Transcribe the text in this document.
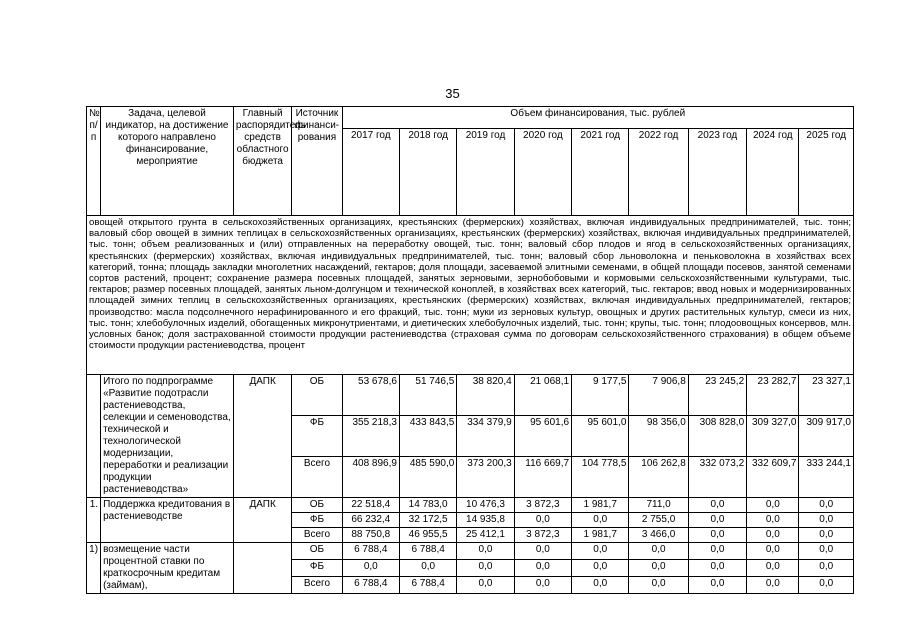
35
№ п/п	Задача, целевой индикатор, на достижение которого направлено финансирование, мероприятие	Главный распорядитель средств областного бюджета	Источник финанси-рования	Объем финансирования, тыс. рублей								
				2017 год	2018 год	2019 год	2020 год	2021 год	2022 год	2023 год	2024 год	2025 год
овощей открытого грунта в сельскохозяйственных организациях, крестьянских (фермерских) хозяйствах, включая индивидуальных предпринимателей, тыс. тонн; валовый сбор овощей в зимних теплицах в сельскохозяйственных организациях, крестьянских (фермерских) хозяйствах, включая индивидуальных предпринимателей, тыс. тонн; объем реализованных и (или) отправленных на переработку овощей, тыс. тонн; валовый сбор плодов и ягод в сельскохозяйственных организациях, крестьянских (фермерских) хозяйствах, включая индивидуальных предпринимателей, тыс. тонн; валовый сбор льноволокна и пеньковолокна в хозяйствах всех категорий, тонна; площадь закладки многолетних насаждений, гектаров; доля площади, засеваемой элитными семенами, в общей площади посевов, занятой семенами сортов растений, процент; сохранение размера посевных площадей, занятых зерновыми, зернобобовыми и кормовыми сельскохозяйственными культурами, тыс. гектаров; размер посевных площадей, занятых льном-долгунцом и технической коноплей, в хозяйствах всех категорий, тыс. гектаров; ввод новых и модернизированных площадей зимних теплиц в сельскохозяйственных организациях, крестьянских (фермерских) хозяйствах, включая индивидуальных предпринимателей, гектаров; производство: масла подсолнечного нерафинированного и его фракций, тыс. тонн; муки из зерновых культур, овощных и других растительных культур, смеси из них, тыс. тонн; хлебобулочных изделий, обогащенных микронутриентами, и диетических хлебобулочных изделий, тыс. тонн; крупы, тыс. тонн; плодоовощных консервов, млн. условных банок; доля застрахованной стоимости продукции растениеводства (страховая сумма по договорам сельскохозяйственного страхования) в общем объеме стоимости продукции растениеводства, процент												
	Итого по подпрограмме «Развитие подотрасли растениеводства, селекции и семеноводства, технической и технологической модернизации, переработки и реализации продукции растениеводства»	ДАПК	ОБ	53 678,6	51 746,5	38 820,4	21 068,1	9 177,5	7 906,8	23 245,2	23 282,7	23 327,1
			ФБ	355 218,3	433 843,5	334 379,9	95 601,6	95 601,0	98 356,0	308 828,0	309 327,0	309 917,0
			Всего	408 896,9	485 590,0	373 200,3	116 669,7	104 778,5	106 262,8	332 073,2	332 609,7	333 244,1
1.	Поддержка кредитования в растениеводстве	ДАПК	ОБ	22 518,4	14 783,0	10 476,3	3 872,3	1 981,7	711,0	0,0	0,0	0,0
			ФБ	66 232,4	32 172,5	14 935,8	0,0	0,0	2 755,0	0,0	0,0	0,0
			Всего	88 750,8	46 955,5	25 412,1	3 872,3	1 981,7	3 466,0	0,0	0,0	0,0
1)	возмещение части процентной ставки по краткосрочным кредитам (займам),		ОБ	6 788,4	6 788,4	0,0	0,0	0,0	0,0	0,0	0,0	0,0
			ФБ	0,0	0,0	0,0	0,0	0,0	0,0	0,0	0,0	0,0
			Всего	6 788,4	6 788,4	0,0	0,0	0,0	0,0	0,0	0,0	0,0
